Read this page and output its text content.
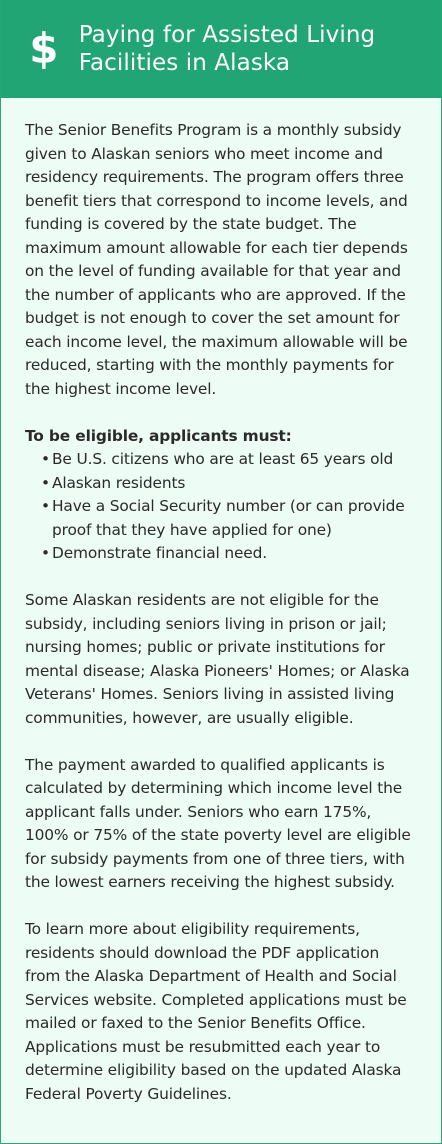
$ Paying for Assisted Living Facilities in Alaska

The Senior Benefits Program is a monthly subsidy given to Alaskan seniors who meet income and residency requirements. The program offers three benefit tiers that correspond to income levels, and funding is covered by the state budget. The maximum amount allowable for each tier depends on the level of funding available for that year and the number of applicants who are approved. If the budget is not enough to cover the set amount for each income level, the maximum allowable will be reduced, starting with the monthly payments for the highest income level.

To be eligible, applicants must:
• Be U.S. citizens who are at least 65 years old
• Alaskan residents
• Have a Social Security number (or can provide proof that they have applied for one)
• Demonstrate financial need.

Some Alaskan residents are not eligible for the subsidy, including seniors living in prison or jail; nursing homes; public or private institutions for mental disease; Alaska Pioneers' Homes; or Alaska Veterans' Homes. Seniors living in assisted living communities, however, are usually eligible.

The payment awarded to qualified applicants is calculated by determining which income level the applicant falls under. Seniors who earn 175%, 100% or 75% of the state poverty level are eligible for subsidy payments from one of three tiers, with the lowest earners receiving the highest subsidy.

To learn more about eligibility requirements, residents should download the PDF application from the Alaska Department of Health and Social Services website. Completed applications must be mailed or faxed to the Senior Benefits Office. Applications must be resubmitted each year to determine eligibility based on the updated Alaska Federal Poverty Guidelines.
